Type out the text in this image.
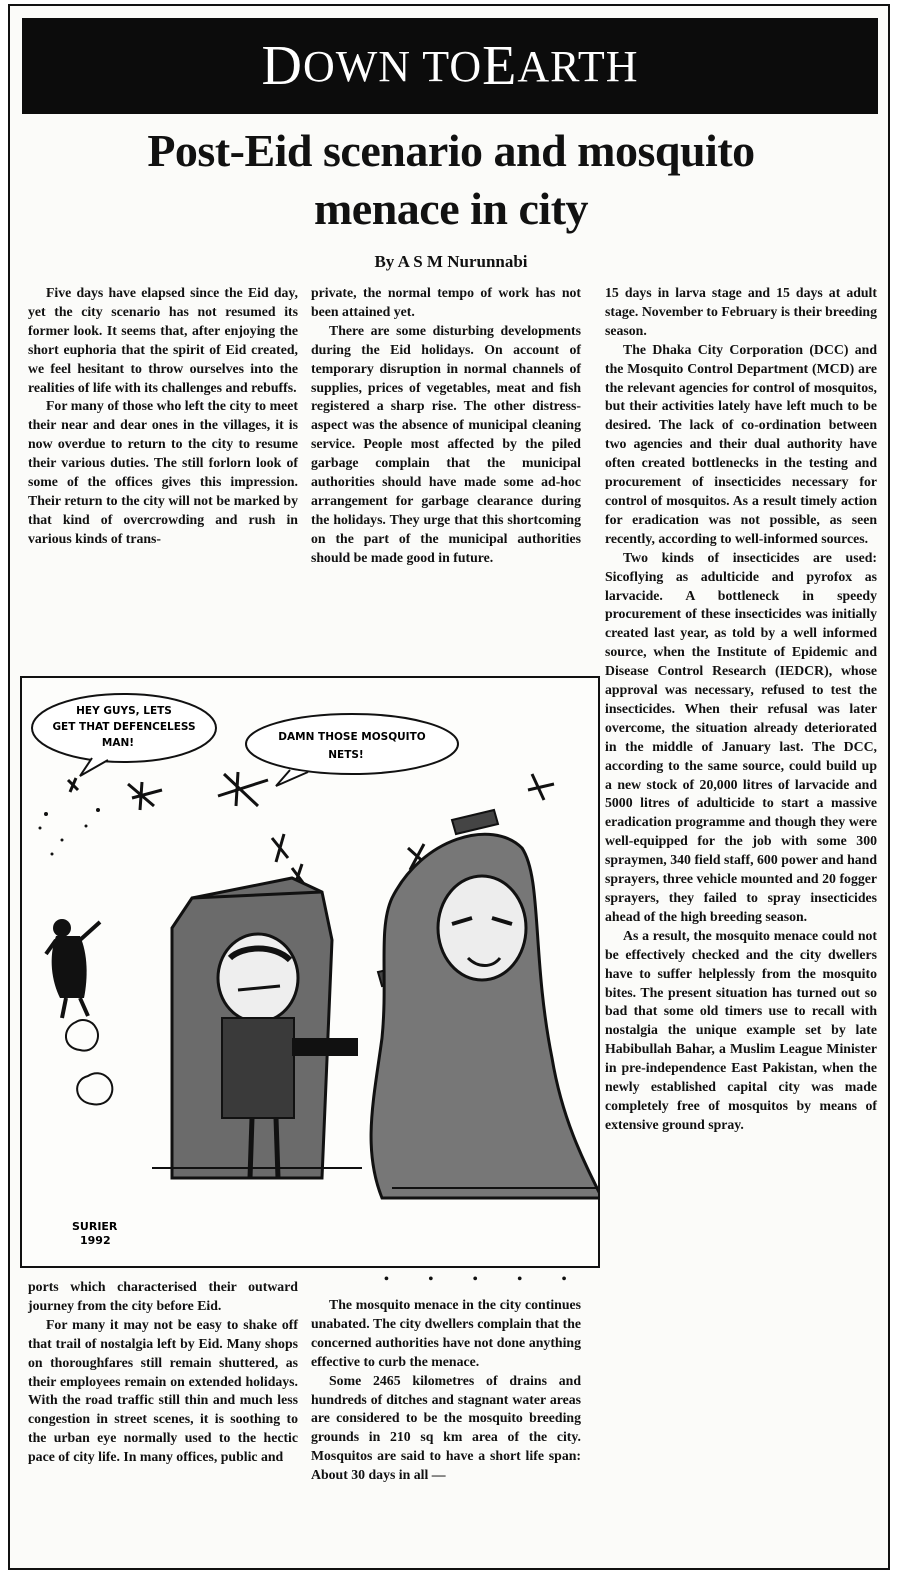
D OWN TO E ARTH
Post-Eid scenario and mosquito
menace in city
By A S M Nurunnabi

Five days have elapsed since the Eid day, yet the city scenario has not resumed its former look. It seems that, after enjoying the short euphoria that the spirit of Eid created, we feel hesitant to throw ourselves into the realities of life with its challenges and rebuffs.

For many of those who left the city to meet their near and dear ones in the villages, it is now overdue to return to the city to resume their various duties. The still forlorn look of some of the offices gives this impression. Their return to the city will not be marked by that kind of overcrowding and rush in various kinds of trans-

private, the normal tempo of work has not been attained yet.

There are some disturbing developments during the Eid holidays. On account of temporary disruption in normal channels of supplies, prices of vegetables, meat and fish registered a sharp rise. The other distress-aspect was the absence of municipal cleaning service. People most affected by the piled garbage complain that the municipal authorities should have made some ad-hoc arrangement for garbage clearance during the holidays. They urge that this shortcoming on the part of the municipal authorities should be made good in future.

15 days in larva stage and 15 days at adult stage. November to February is their breeding season.

The Dhaka City Corporation (DCC) and the Mosquito Control Department (MCD) are the relevant agencies for control of mosquitos, but their activities lately have left much to be desired. The lack of co-ordination between two agencies and their dual authority have often created bottlenecks in the testing and procurement of insecticides necessary for control of mosquitos. As a result timely action for eradication was not possible, as seen recently, according to well-informed sources.

Two kinds of insecticides are used: Sicoflying as adulticide and pyrofox as larvacide. A bottleneck in speedy procurement of these insecticides was initially created last year, as told by a well informed source, when the Institute of Epidemic and Disease Control Research (IEDCR), whose approval was necessary, refused to test the insecticides. When their refusal was later overcome, the situation already deteriorated in the middle of January last. The DCC, according to the same source, could build up a new stock of 20,000 litres of larvacide and 5000 litres of adulticide to start a massive eradication programme and though they were well-equipped for the job with some 300 spraymen, 340 field staff, 600 power and hand sprayers, three vehicle mounted and 20 fogger sprayers, they failed to spray insecticides ahead of the high breeding season.

As a result, the mosquito menace could not be effectively checked and the city dwellers have to suffer helplessly from the mosquito bites. The present situation has turned out so bad that some old timers use to recall with nostalgia the unique example set by late Habibullah Bahar, a Muslim League Minister in pre-independence East Pakistan, when the newly established capital city was made completely free of mosquitos by means of extensive ground spray.

HEY GUYS, LETS
GET THAT DEFENCELESS
MAN!	DAMN THOSE MOSQUITO
NETS!
SURIER
1992
• • • • •

ports which characterised their outward journey from the city before Eid.

For many it may not be easy to shake off that trail of nostalgia left by Eid. Many shops on thoroughfares still remain shuttered, as their employees remain on extended holidays. With the road traffic still thin and much less congestion in street scenes, it is soothing to the urban eye normally used to the hectic pace of city life. In many offices, public and

The mosquito menace in the city continues unabated. The city dwellers complain that the concerned authorities have not done anything effective to curb the menace.

Some 2465 kilometres of drains and hundreds of ditches and stagnant water areas are considered to be the mosquito breeding grounds in 210 sq km area of the city. Mosquitos are said to have a short life span: About 30 days in all —
